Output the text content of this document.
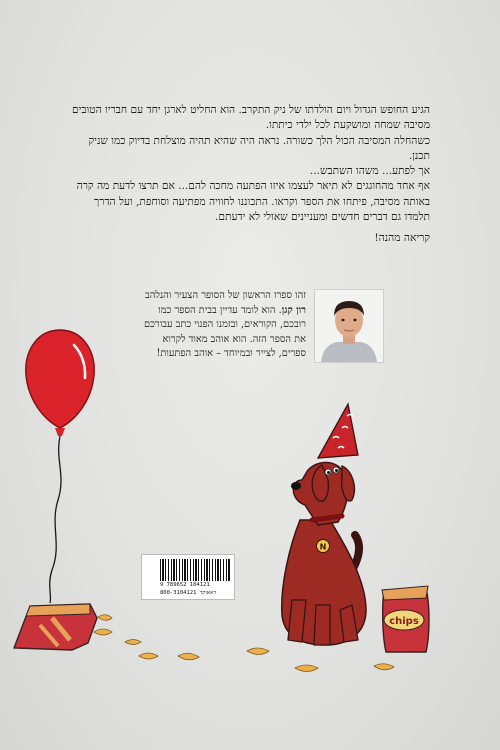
הגיע החופש הגדול ויום הולדתו של ניק התקרב. הוא החליט לארגן יחד עם חבריו הטובים מסיבה שמחה ומושקעת לכל ילדי כיתתו.

כשהחלה המסיבה הכול הלך כשורה. נראה היה שהיא תהיה מוצלחת בדיוק כמו שניק תכנן.

אך לפתע... משהו השתבש...

אף אחד מהחוגגים לא תיאר לעצמו איזו הפתעה מחכה להם... אם תרצו לדעת מה קרה באותה מסיבה, פיתחו את הספר וקראו. התכוננו לחוויה מפתיעה וסוחפת, ועל הדרך תלמדו גם דברים חדשים ומעניינים שאולי לא ידעתם.

קריאה מהנה!

זהו ספרו הראשון של הסופר הצעיר והנלהב רון קגן. הוא לומד עדיין בבית הספר כמו רובכם, הקוראים, ובזמנו הפנוי כתב עבורכם את הספר הזה. הוא אוהב מאוד לקרוא ספרים, לצייר ובמיוחד – אוהב הפתעות!
N
chips
9 789652 104121
800-3104121 דאאוקד
